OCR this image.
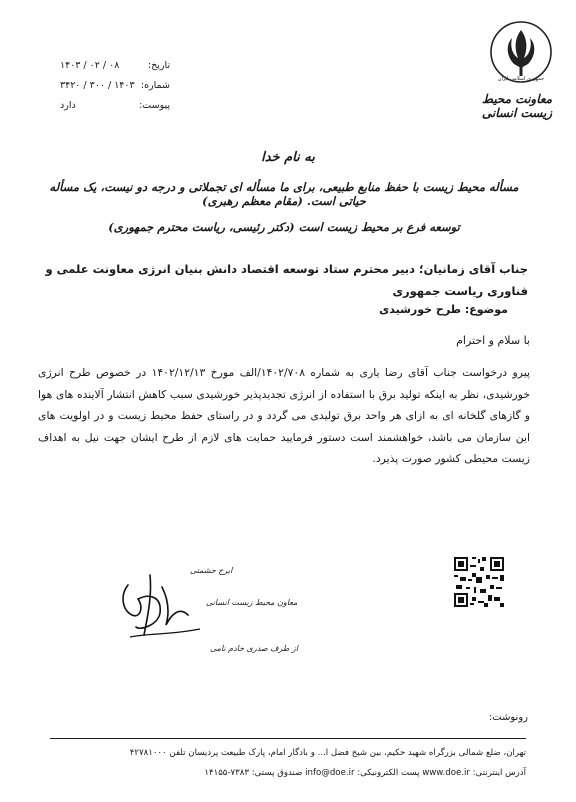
جمهوری اسلامی ایران
معاونت محیط زیست انسانی
تاریخ:
۱۴۰۳ / ۰۲ / ۰۸
شماره:
۳۴۲۰ / ۳۰۰ / ۱۴۰۳
پیوست:
دارد
به نام خدا
مسأله محیط زیست با حفظ منابع طبیعی، برای ما مسأله ای تجملاتی و درجه دو نیست، یک مسأله حیاتی است. (مقام معظم رهبری)
توسعه فرع بر محیط زیست است (دکتر رئیسی، ریاست محترم جمهوری)
جناب آقای زمانیان؛ دبیر محترم ستاد توسعه اقتصاد دانش بنیان انرژی معاونت علمی و فناوری ریاست جمهوری
موضوع: طرح خورشیدی
با سلام و احترام
پیرو درخواست جناب آقای رضا یاری به شماره ۱۴۰۲/۷۰۸/الف مورخ ۱۴۰۲/۱۲/۱۳ در خصوص طرح انرژی خورشیدی، نظر به اینکه تولید برق با استفاده از انرژی تجدیدپذیر خورشیدی سبب کاهش انتشار آلاینده های هوا و گازهای گلخانه ای به ازای هر واحد برق تولیدی می گردد و در راستای حفظ محیط زیست و در اولویت های این سازمان می باشد، خواهشمند است دستور فرمایید حمایت های لازم از طرح ایشان جهت نیل به اهداف زیست محیطی کشور صورت پذیرد.
ایرج حشمتی
معاون محیط زیست انسانی
از طرف صدری خادم نامی
رونوشت:
تهران، ضلع شمالی بزرگراه شهید حکیم، بین شیخ فضل ا... و بادگار امام، پارک طبیعت پردیسان تلفن ۴۲۷۸۱۰۰۰
آدرس اینترنتی: www.doe.ir پست الکترونیکی: info@doe.ir صندوق پستی: ۷۳۸۳-۱۴۱۵۵
